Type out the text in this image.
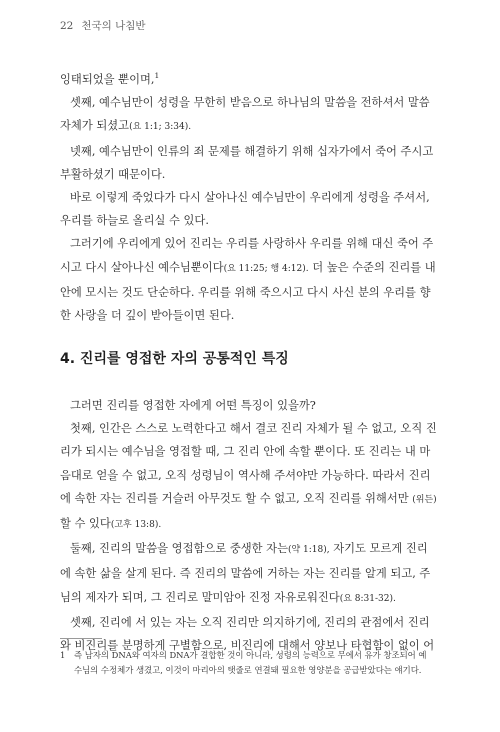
22 천국의 나침반

잉태되었을 뿐이며,$^1$

셋째, 예수님만이 성령을 무한히 받음으로 하나님의 말씀을 전하셔서 말씀

자체가 되셨고(요 1:1; 3:34).

넷째, 예수님만이 인류의 죄 문제를 해결하기 위해 십자가에서 죽어 주시고

부활하셨기 때문이다.

바로 이렇게 죽었다가 다시 살아나신 예수님만이 우리에게 성령을 주셔서,

우리를 하늘로 올리실 수 있다.

그러기에 우리에게 있어 진리는 우리를 사랑하사 우리를 위해 대신 죽어 주

시고 다시 살아나신 예수님뿐이다(요 11:25; 행 4:12). 더 높은 수준의 진리를 내

안에 모시는 것도 단순하다. 우리를 위해 죽으시고 다시 사신 분의 우리를 향

한 사랑을 더 깊이 받아들이면 된다.

4. 진리를 영접한 자의 공통적인 특징

그러면 진리를 영접한 자에게 어떤 특징이 있을까?

첫째, 인간은 스스로 노력한다고 해서 결코 진리 자체가 될 수 없고, 오직 진

리가 되시는 예수님을 영접할 때, 그 진리 안에 속할 뿐이다. 또 진리는 내 마

음대로 얻을 수 없고, 오직 성령님이 역사해 주셔야만 가능하다. 따라서 진리

에 속한 자는 진리를 거슬러 아무것도 할 수 없고, 오직 진리를 위해서만 (위든)

할 수 있다(고후 13:8).

둘째, 진리의 말씀을 영접함으로 중생한 자는(약 1:18), 자기도 모르게 진리

에 속한 삶을 살게 된다. 즉 진리의 말씀에 거하는 자는 진리를 알게 되고, 주

님의 제자가 되며, 그 진리로 말미암아 진정 자유로워진다(요 8:31-32).

셋째, 진리에 서 있는 자는 오직 진리만 의지하기에, 진리의 관점에서 진리

와 비진리를 분명하게 구별함으로, 비진리에 대해서 양보나 타협함이 없이 어

1 즉 남자의 DNA와 여자의 DNA가 결합한 것이 아니라, 성령의 능력으로 무에서 유가 창조되어 예
수님의 수정체가 생겼고, 이것이 마리아의 탯줄로 연결돼 필요한 영양분을 공급받았다는 얘기다.
